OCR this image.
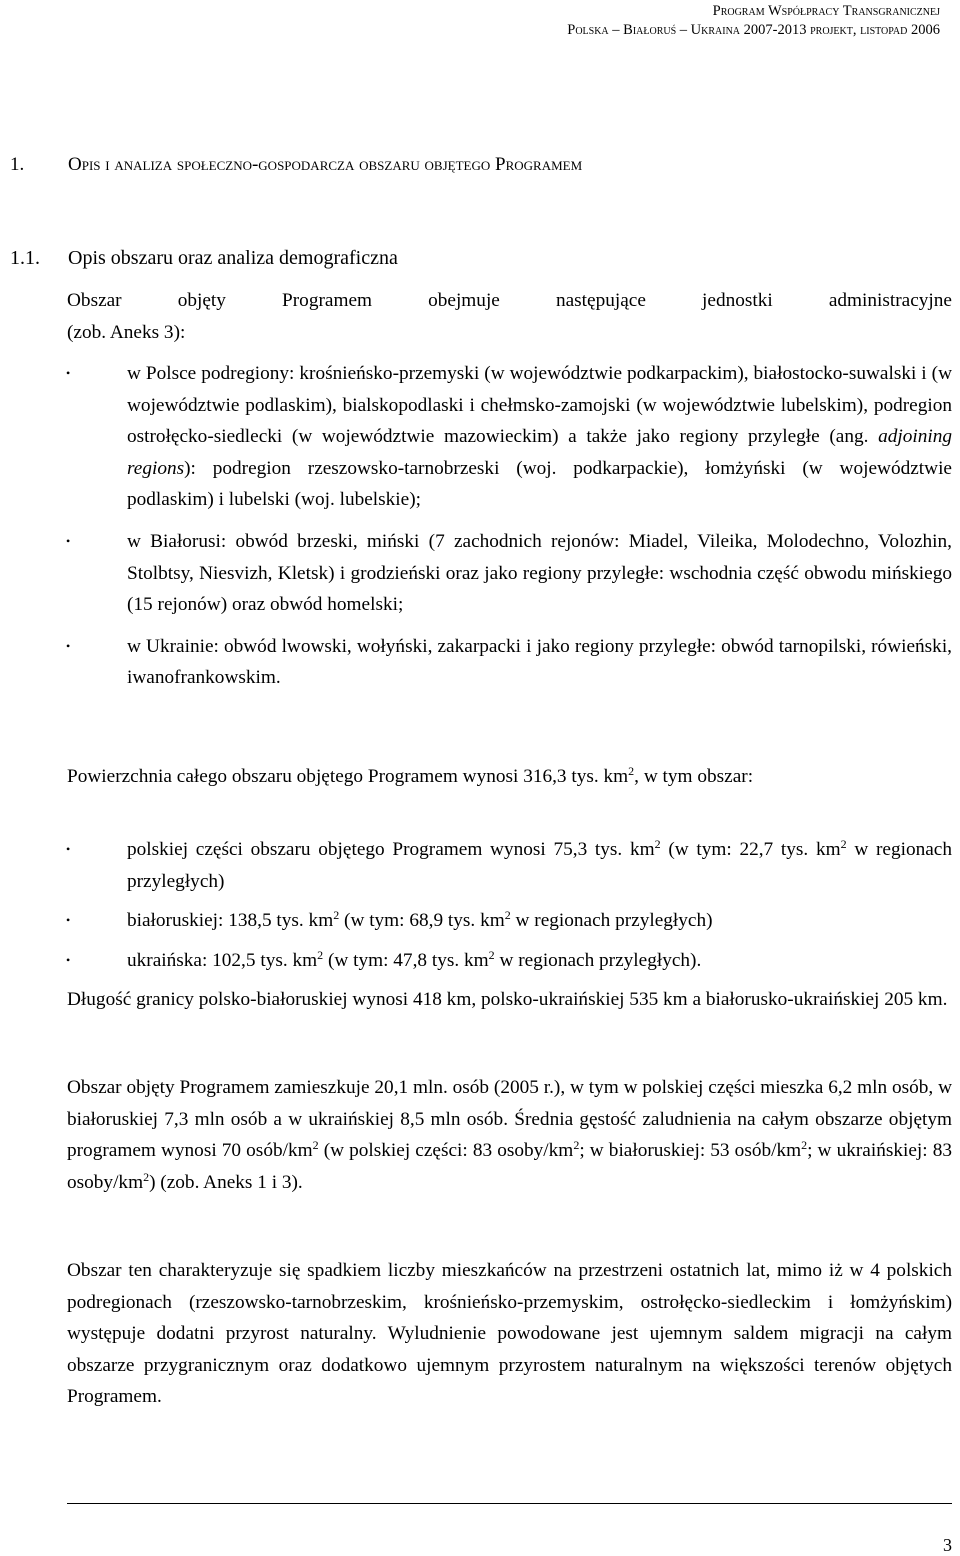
Program Współpracy Transgranicznej
Polska – Białoruś – Ukraina 2007-2013 projekt, listopad 2006
1. Opis i analiza społeczno-gospodarcza obszaru objętego Programem
1.1. Opis obszaru oraz analiza demograficzna
Obszar objęty Programem obejmuje następujące jednostki administracyjne
(zob. Aneks 3):
•	w Polsce podregiony: krośnieńsko-przemyski (w województwie podkarpackim), białostocko-suwalski i (w województwie podlaskim), bialskopodlaski i chełmsko-zamojski (w województwie lubelskim), podregion ostrołęcko-siedlecki (w województwie mazowieckim) a także jako regiony przyległe (ang. adjoining regions): podregion rzeszowsko-tarnobrzeski (woj. podkarpackie), łomżyński (w województwie podlaskim) i lubelski (woj. lubelskie);
•	w Białorusi: obwód brzeski, miński (7 zachodnich rejonów: Miadel, Vileika, Molodechno, Volozhin, Stolbtsy, Niesvizh, Kletsk) i grodzieński oraz jako regiony przyległe: wschodnia część obwodu mińskiego (15 rejonów) oraz obwód homelski;
•	w Ukrainie: obwód lwowski, wołyński, zakarpacki i jako regiony przyległe: obwód tarnopilski, rówieński, iwanofrankowskim.
Powierzchnia całego obszaru objętego Programem wynosi 316,3 tys. $km^2$, w tym obszar:
•	polskiej części obszaru objętego Programem wynosi 75,3 tys. $km^2$ (w tym: 22,7 tys. $km^2$ w regionach przyległych)
•	białoruskiej: 138,5 tys. $km^2$ (w tym: 68,9 tys. $km^2$ w regionach przyległych)
•	ukraińska: 102,5 tys. $km^2$ (w tym: 47,8 tys. $km^2$ w regionach przyległych).
Długość granicy polsko-białoruskiej wynosi 418 km, polsko-ukraińskiej 535 km a białorusko-ukraińskiej 205 km.
Obszar objęty Programem zamieszkuje 20,1 mln. osób (2005 r.), w tym w polskiej części mieszka 6,2 mln osób, w białoruskiej 7,3 mln osób a w ukraińskiej 8,5 mln osób. Średnia gęstość zaludnienia na całym obszarze objętym programem wynosi 70 osób/$km^2$ (w polskiej części: 83 osoby/$km^2$; w białoruskiej: 53 osób/$km^2$; w ukraińskiej: 83 osoby/$km^2$) (zob. Aneks 1 i 3).
Obszar ten charakteryzuje się spadkiem liczby mieszkańców na przestrzeni ostatnich lat, mimo iż w 4 polskich podregionach (rzeszowsko-tarnobrzeskim, krośnieńsko-przemyskim, ostrołęcko-siedleckim i łomżyńskim) występuje dodatni przyrost naturalny. Wyludnienie powodowane jest ujemnym saldem migracji na całym obszarze przygranicznym oraz dodatkowo ujemnym przyrostem naturalnym na większości terenów objętych Programem.
3
